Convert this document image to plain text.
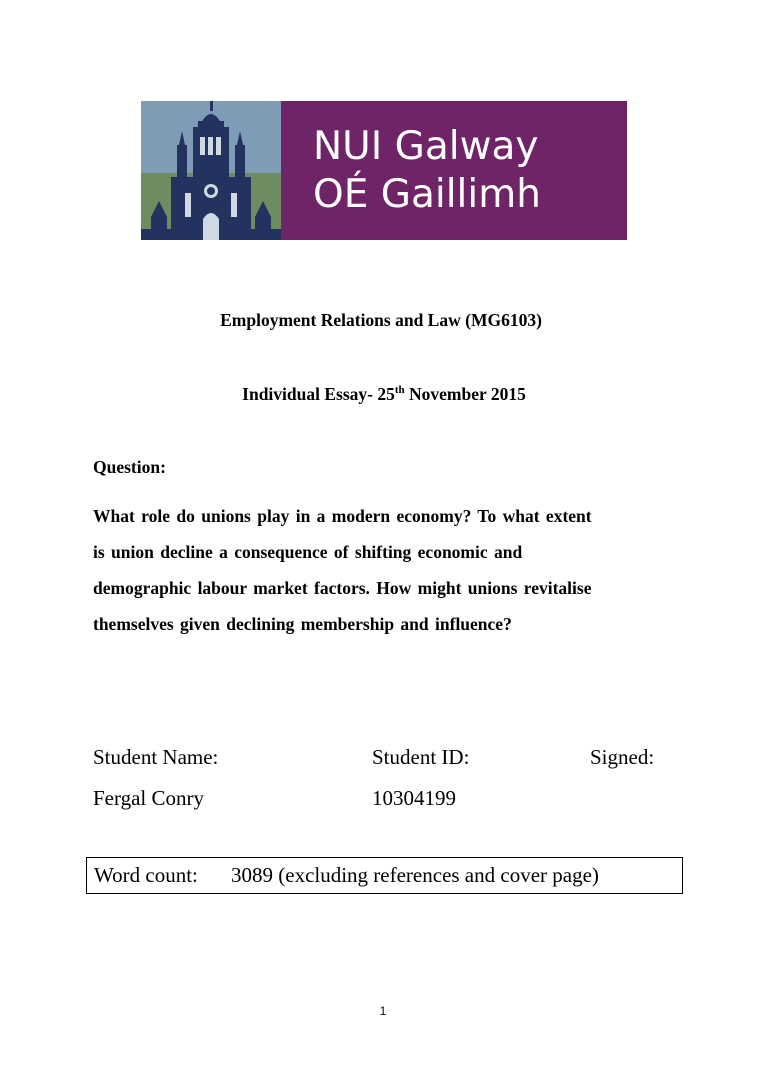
NUI Galway
OÉ Gaillimh
Employment Relations and Law (MG6103)
Individual Essay- 25th November 2015
Question:
What role do unions play in a modern economy? To what extent
is union decline a consequence of shifting economic and
demographic labour market factors. How might unions revitalise
themselves given declining membership and influence?
Student Name:	Student ID:	Signed:
Fergal Conry	10304199
Word count: 3089 (excluding references and cover page)
1
